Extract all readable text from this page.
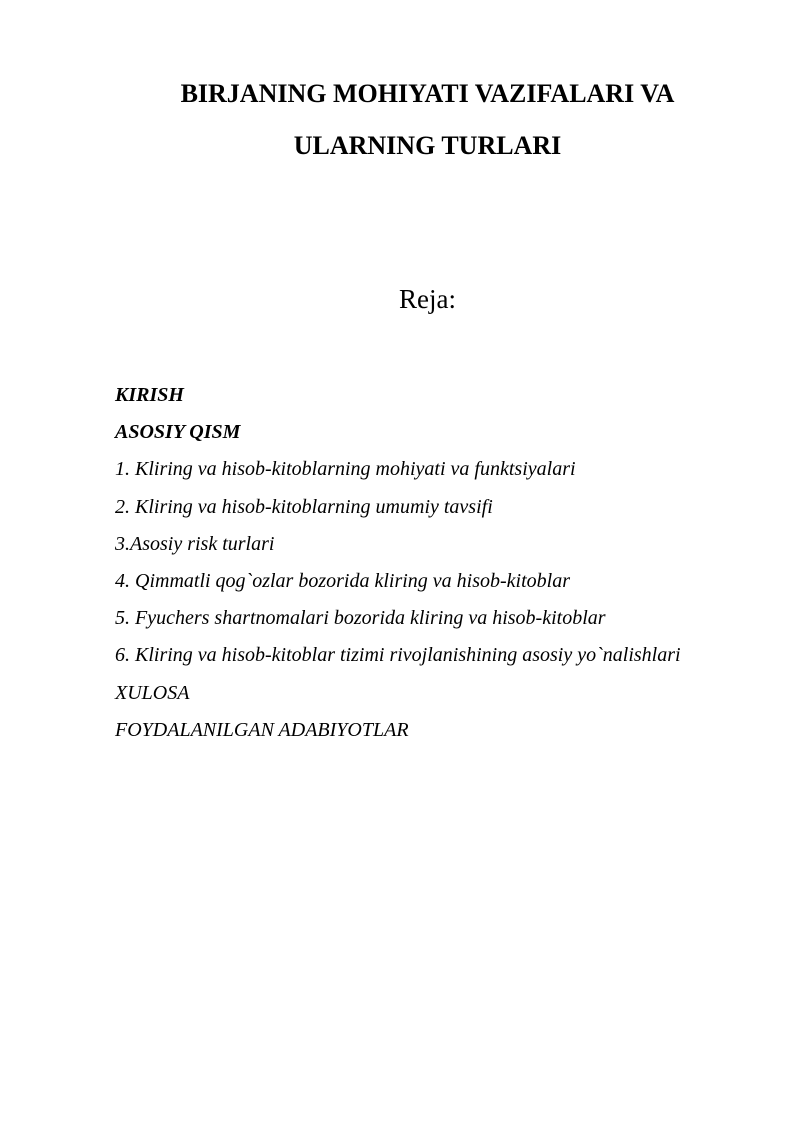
BIRJANING MOHIYATI VAZIFALARI VA
ULARNING TURLARI

Reja:

KIRISH
ASOSIY QISM
1. Kliring va hisob-kitoblarning mohiyati va funktsiyalari
2. Kliring va hisob-kitoblarning umumiy tavsifi
3.Asosiy risk turlari
4. Qimmatli qog`ozlar bozorida kliring va hisob-kitoblar
5. Fyuchers shartnomalari bozorida kliring va hisob-kitoblar
6. Kliring va hisob-kitoblar tizimi rivojlanishining asosiy yo`nalishlari
XULOSA
FOYDALANILGAN ADABIYOTLAR
